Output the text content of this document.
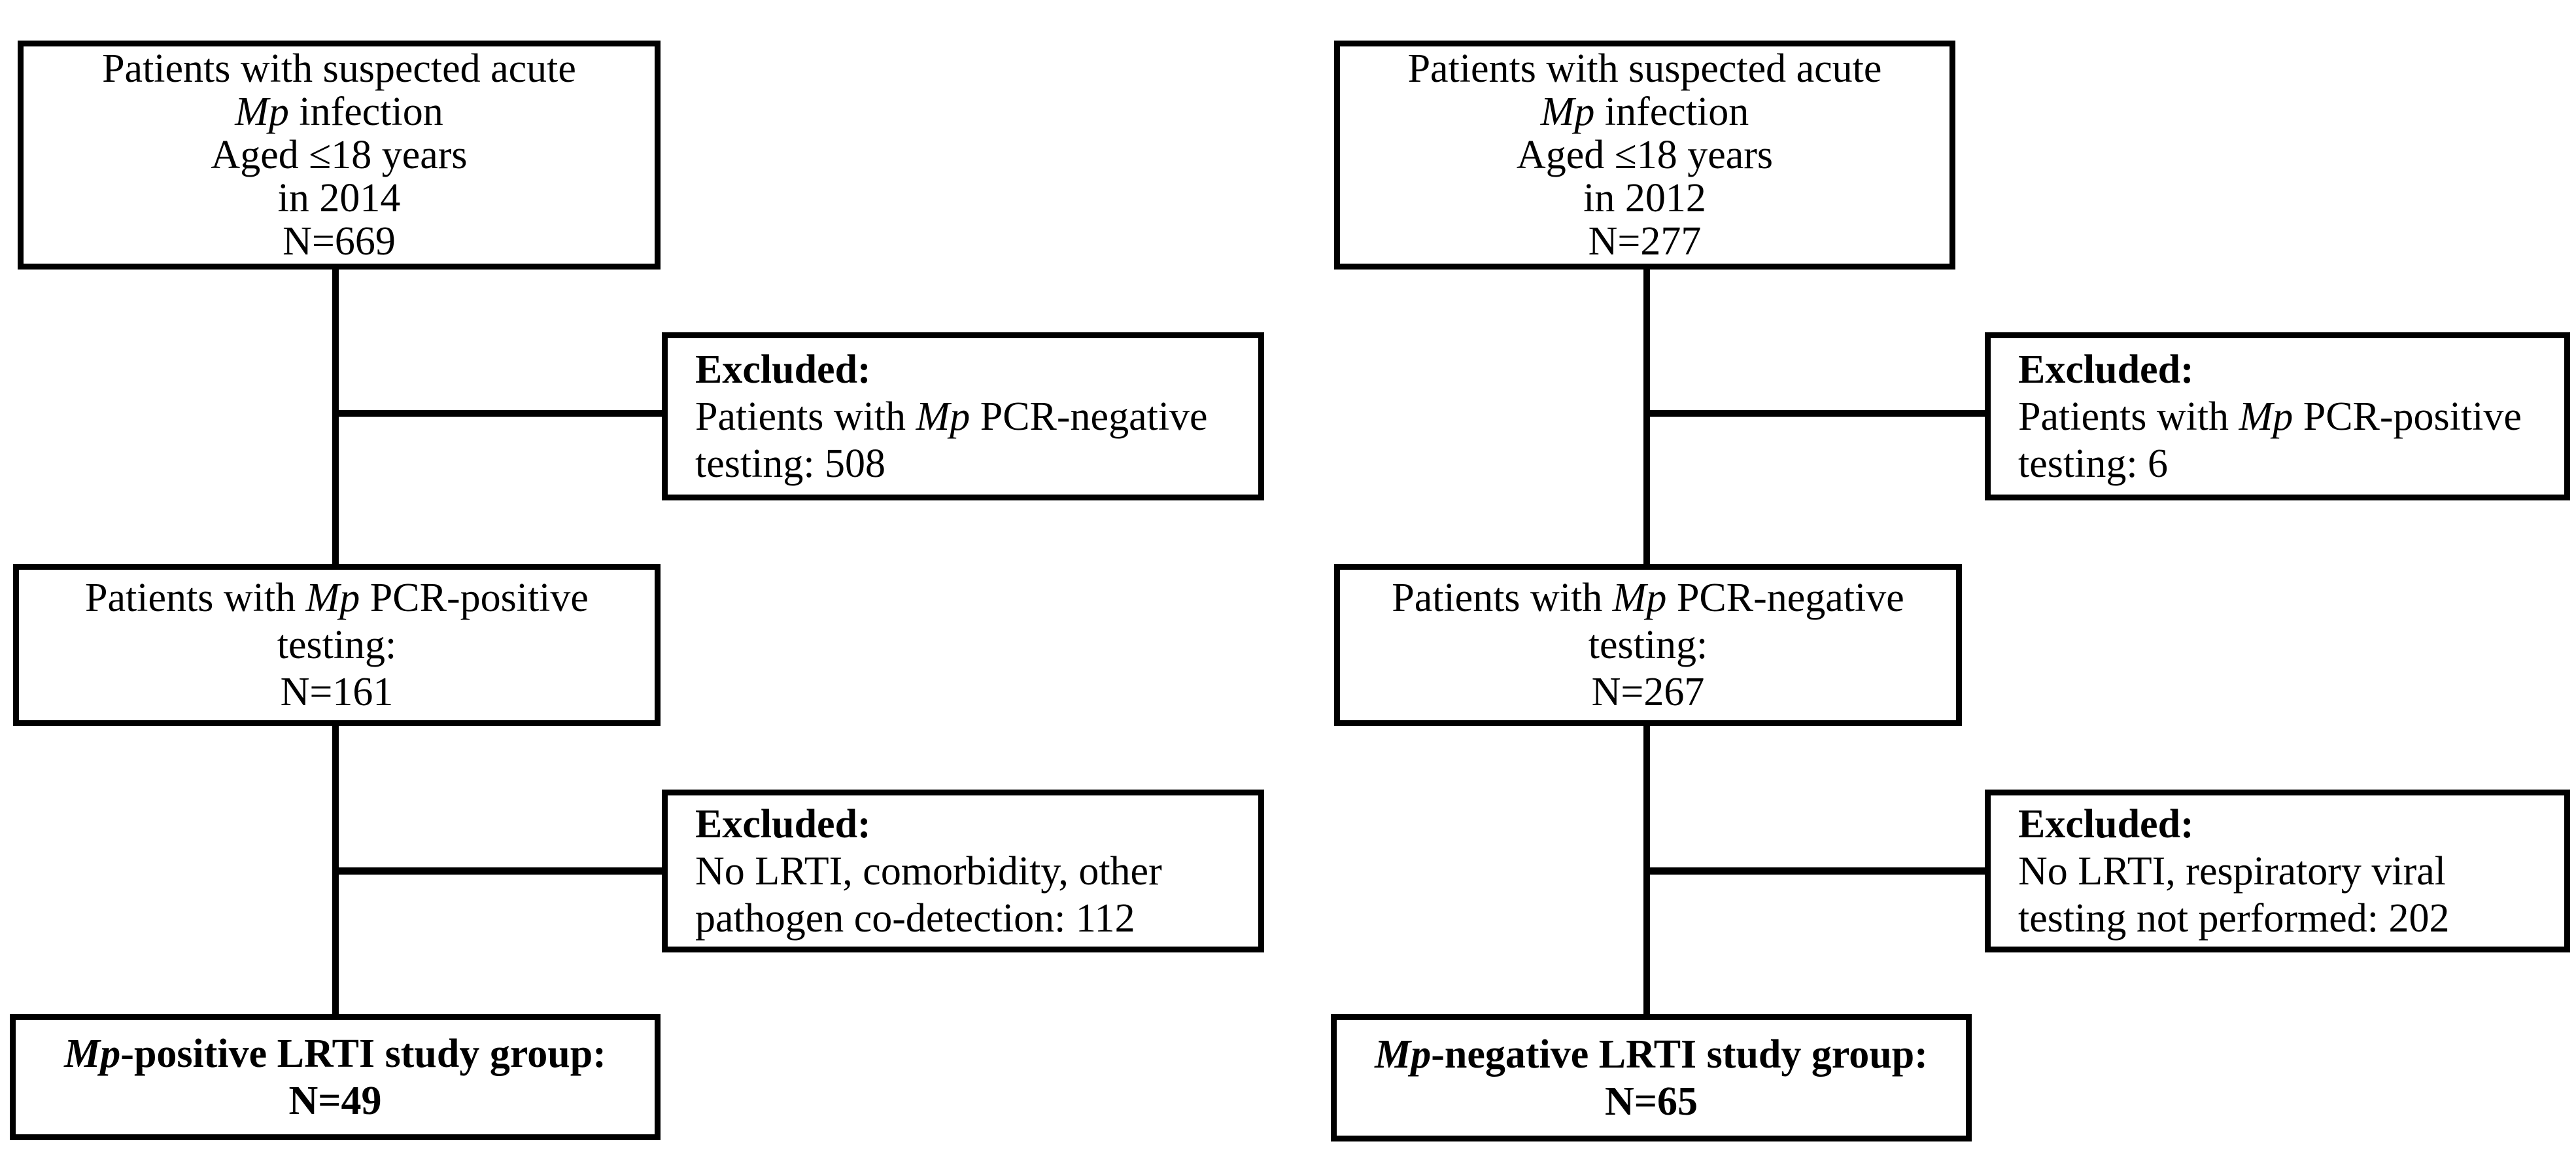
Patients with suspected acute
Mp infection
Aged ≤18 years
in 2014
N=669
Excluded:
Patients with Mp PCR-negative
testing: 508
Patients with Mp PCR-positive
testing:
N=161
Excluded:
No LRTI, comorbidity, other
pathogen co-detection: 112
Mp-positive LRTI study group:
N=49
Patients with suspected acute
Mp infection
Aged ≤18 years
in 2012
N=277
Excluded:
Patients with Mp PCR-positive
testing: 6
Patients with Mp PCR-negative
testing:
N=267
Excluded:
No LRTI, respiratory viral
testing not performed: 202
Mp-negative LRTI study group:
N=65
